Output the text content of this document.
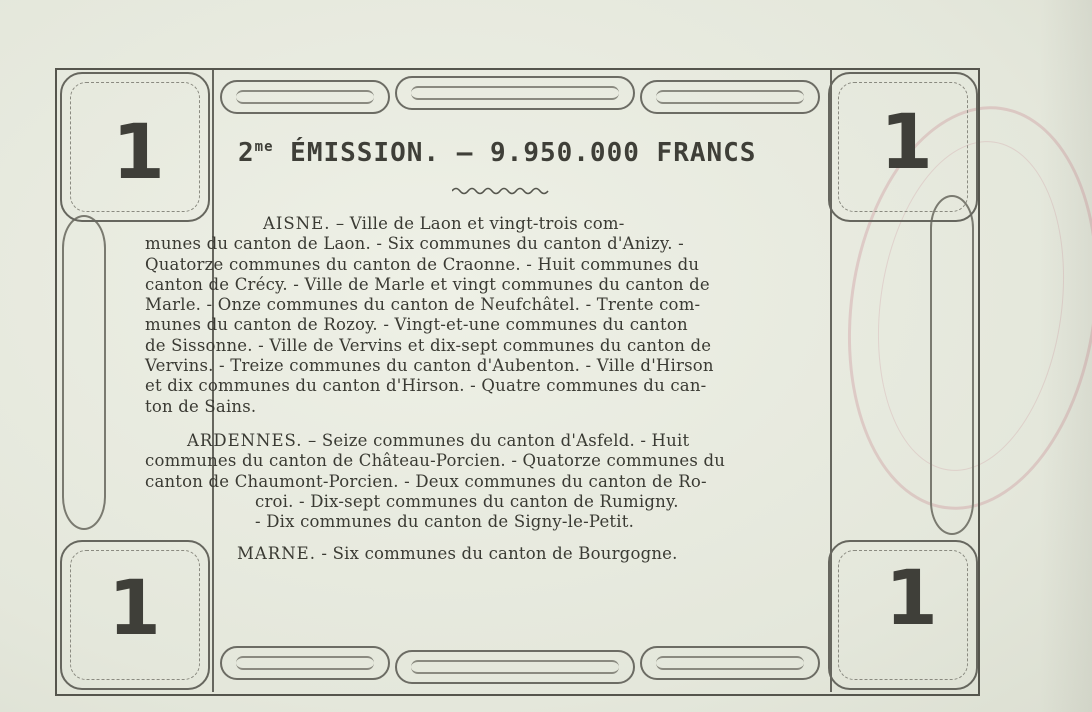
1	1
1	1
$2^{me}$ ÉMISSION. – 9.950.000 FRANCS
AISNE. – Ville de Laon et vingt-trois com-
munes du canton de Laon. - Six communes du canton d'Anizy. -
Quatorze communes du canton de Craonne. - Huit communes du
canton de Crécy. - Ville de Marle et vingt communes du canton de
Marle. - Onze communes du canton de Neufchâtel. - Trente com-
munes du canton de Rozoy. - Vingt-et-une communes du canton
de Sissonne. - Ville de Vervins et dix-sept communes du canton de
Vervins. - Treize communes du canton d'Aubenton. - Ville d'Hirson
et dix communes du canton d'Hirson. - Quatre communes du can-
ton de Sains.
ARDENNES. – Seize communes du canton d'Asfeld. - Huit
communes du canton de Château-Porcien. - Quatorze communes du
canton de Chaumont-Porcien. - Deux communes du canton de Ro-
croi. - Dix-sept communes du canton de Rumigny.
- Dix communes du canton de Signy-le-Petit.
MARNE. - Six communes du canton de Bourgogne.
